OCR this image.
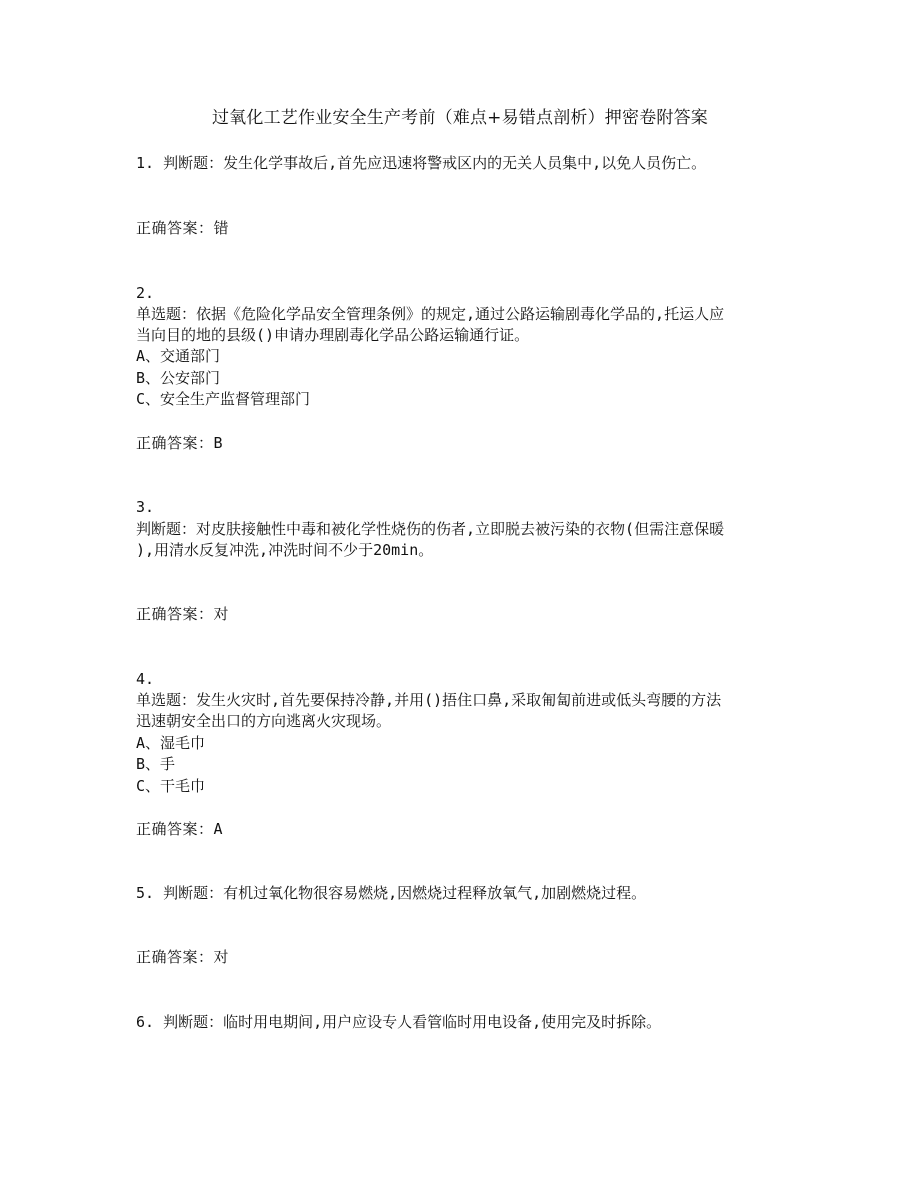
过氧化工艺作业安全生产考前（难点+易错点剖析）押密卷附答案
1. 判断题：发生化学事故后,首先应迅速将警戒区内的无关人员集中,以免人员伤亡。
正确答案：错
2.
单选题：依据《危险化学品安全管理条例》的规定,通过公路运输剧毒化学品的,托运人应
当向目的地的县级()申请办理剧毒化学品公路运输通行证。
A、交通部门
B、公安部门
C、安全生产监督管理部门
正确答案：B
3.
判断题：对皮肤接触性中毒和被化学性烧伤的伤者,立即脱去被污染的衣物(但需注意保暖
),用清水反复冲洗,冲洗时间不少于20min。
正确答案：对
4.
单选题：发生火灾时,首先要保持冷静,并用()捂住口鼻,采取匍匐前进或低头弯腰的方法
迅速朝安全出口的方向逃离火灾现场。
A、湿毛巾
B、手
C、干毛巾
正确答案：A
5. 判断题：有机过氧化物很容易燃烧,因燃烧过程释放氧气,加剧燃烧过程。
正确答案：对
6. 判断题：临时用电期间,用户应设专人看管临时用电设备,使用完及时拆除。
